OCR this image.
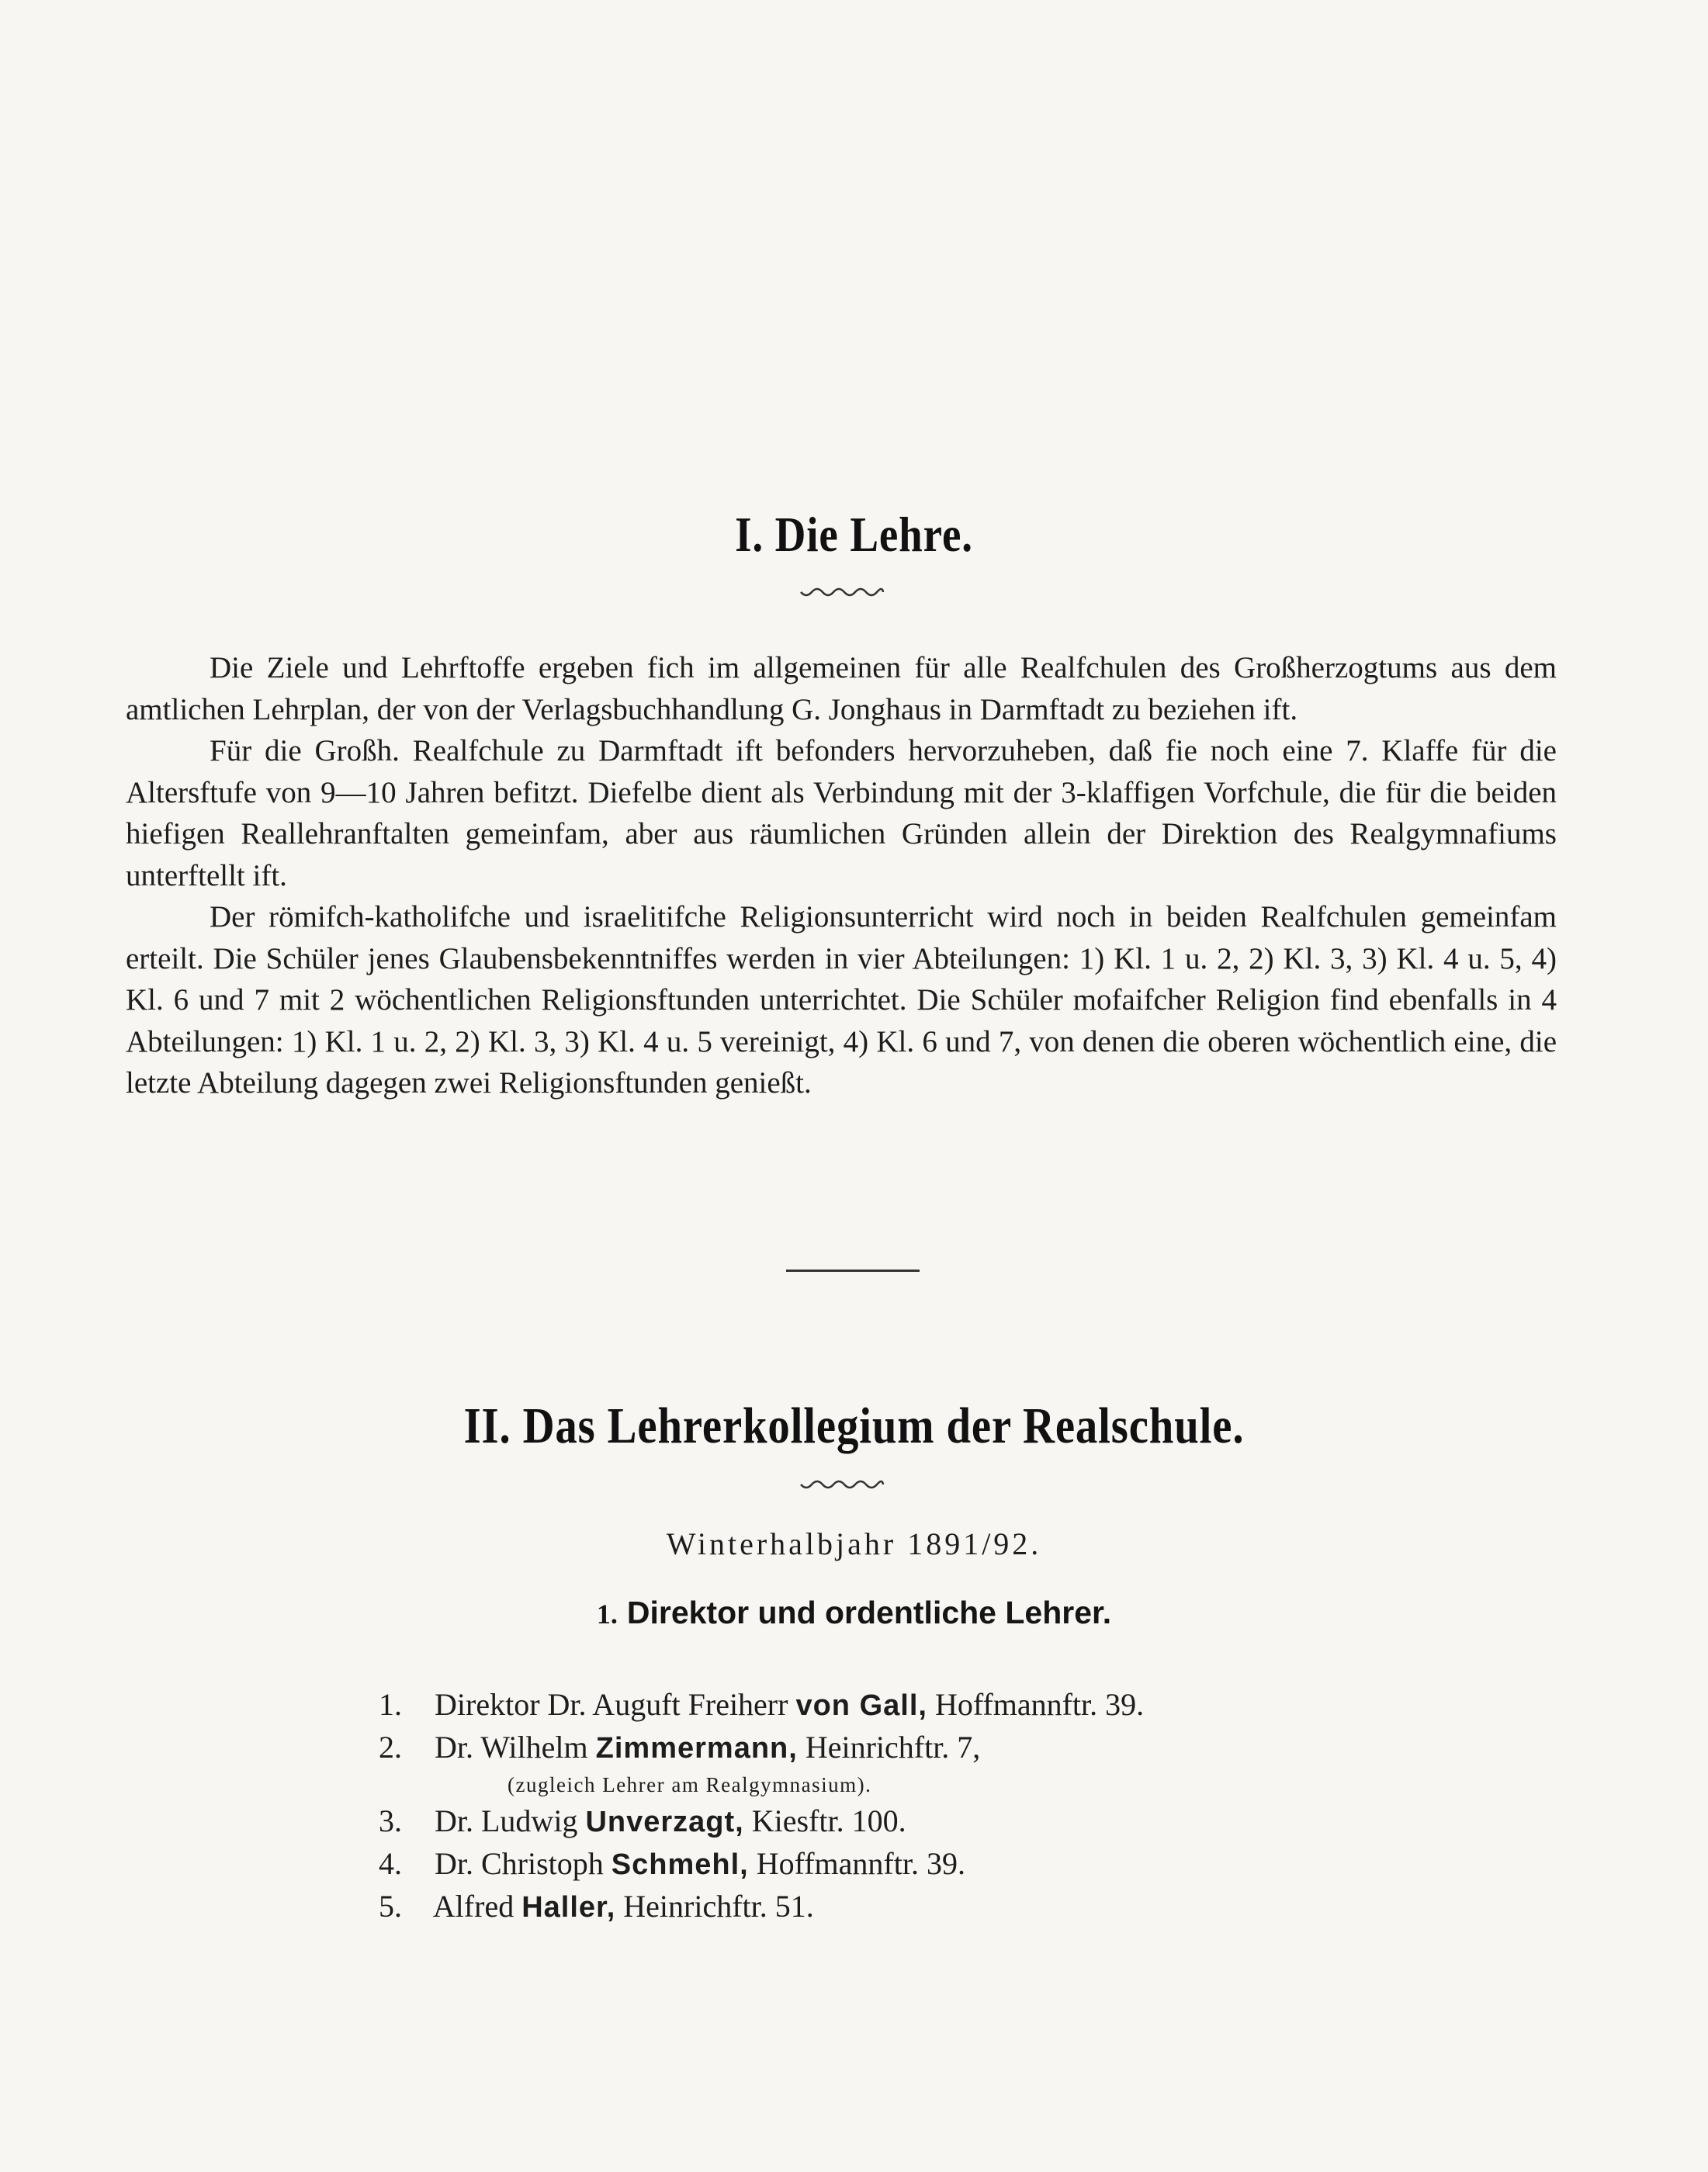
I. Die Lehre.

Die Ziele und Lehrftoffe ergeben fich im allgemeinen für alle Realfchulen des Großherzogtums aus dem amtlichen Lehrplan, der von der Verlagsbuchhandlung G. Jonghaus in Darmftadt zu beziehen ift.

Für die Großh. Realfchule zu Darmftadt ift befonders hervorzuheben, daß fie noch eine 7. Klaffe für die Altersftufe von 9—10 Jahren befitzt. Diefelbe dient als Verbindung mit der 3-klaffigen Vorfchule, die für die beiden hiefigen Reallehranftalten gemeinfam, aber aus räumlichen Gründen allein der Direktion des Realgymnafiums unterftellt ift.

Der römifch-katholifche und israelitifche Religionsunterricht wird noch in beiden Realfchulen gemeinfam erteilt. Die Schüler jenes Glaubensbekenntniffes werden in vier Abteilungen: 1) Kl. 1 u. 2, 2) Kl. 3, 3) Kl. 4 u. 5, 4) Kl. 6 und 7 mit 2 wöchentlichen Religionsftunden unterrichtet. Die Schüler mofaifcher Religion find ebenfalls in 4 Abteilungen: 1) Kl. 1 u. 2, 2) Kl. 3, 3) Kl. 4 u. 5 vereinigt, 4) Kl. 6 und 7, von denen die oberen wöchentlich eine, die letzte Abteilung dagegen zwei Religionsftunden genießt.

II. Das Lehrerkollegium der Realschule.
Winterhalbjahr 1891/92.
1. Direktor und ordentliche Lehrer.
1. Direktor Dr. Auguft Freiherr von Gall, Hoffmannftr. 39.
2. Dr. Wilhelm Zimmermann, Heinrichftr. 7,
(zugleich Lehrer am Realgymnasium).
3. Dr. Ludwig Unverzagt, Kiesftr. 100.
4. Dr. Christoph Schmehl, Hoffmannftr. 39.
5. Alfred Haller, Heinrichftr. 51.
